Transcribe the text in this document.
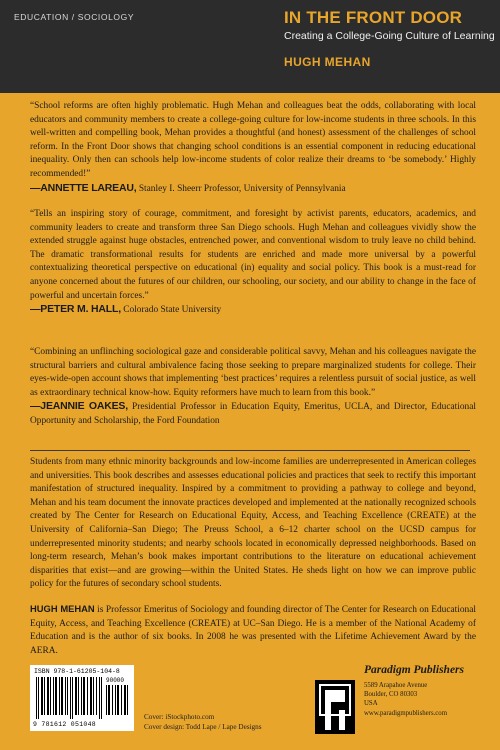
EDUCATION / SOCIOLOGY	IN THE FRONT DOOR
Creating a College-Going Culture of Learning
HUGH MEHAN
“School reforms are often highly problematic. Hugh Mehan and colleagues beat the odds, collaborating with local educators and community members to create a college-going culture for low-income students in three schools. In this well-written and compelling book, Mehan provides a thoughtful (and honest) assessment of the challenges of school reform. In the Front Door shows that changing school conditions is an essential component in reducing educational inequality. Only then can schools help low-income students of color realize their dreams to ‘be somebody.’ Highly recommended!”
—ANNETTE LAREAU, Stanley I. Sheerr Professor, University of Pennsylvania
“Tells an inspiring story of courage, commitment, and foresight by activist parents, educators, academics, and community leaders to create and transform three San Diego schools. Hugh Mehan and colleagues vividly show the extended struggle against huge obstacles, entrenched power, and conventional wisdom to truly leave no child behind. The dramatic transformational results for students are enriched and made more universal by a powerful contextualizing theoretical perspective on educational (in) equality and social policy. This book is a must-read for anyone concerned about the futures of our children, our schooling, our society, and our ability to change in the face of powerful and uncertain forces.”
—PETER M. HALL, Colorado State University
“Combining an unflinching sociological gaze and considerable political savvy, Mehan and his colleagues navigate the structural barriers and cultural ambivalence facing those seeking to prepare marginalized students for college. Their eyes-wide-open account shows that implementing ‘best practices’ requires a relentless pursuit of social justice, as well as extraordinary technical know-how. Equity reformers have much to learn from this book.”
—JEANNIE OAKES, Presidential Professor in Education Equity, Emeritus, UCLA, and Director, Educational Opportunity and Scholarship, the Ford Foundation
Students from many ethnic minority backgrounds and low-income families are underrepresented in American colleges and universities. This book describes and assesses educational policies and practices that seek to rectify this important manifestation of structured inequality. Inspired by a commitment to providing a pathway to college and beyond, Mehan and his team document the innovate practices developed and implemented at the nationally recognized schools created by The Center for Research on Educational Equity, Access, and Teaching Excellence (CREATE) at the University of California–San Diego; The Preuss School, a 6–12 charter school on the UCSD campus for underrepresented minority students; and nearby schools located in economically depressed neighborhoods. Based on long-term research, Mehan’s book makes important contributions to the literature on educational achievement disparities that exist—and are growing—within the United States. He sheds light on how we can improve public policy for the futures of secondary school students.
HUGH MEHAN is Professor Emeritus of Sociology and founding director of The Center for Research on Educational Equity, Access, and Teaching Excellence (CREATE) at UC–San Diego. He is a member of the National Academy of Education and is the author of six books. In 2008 he was presented with the Lifetime Achievement Award by the AERA.
ISBN 978-1-61205-104-8
90000
9 781612 051048
Cover: iStockphoto.com
Cover design: Todd Lape / Lape Designs
Paradigm Publishers
5589 Arapahoe Avenue
Boulder, CO 80303
USA
www.paradigmpublishers.com
